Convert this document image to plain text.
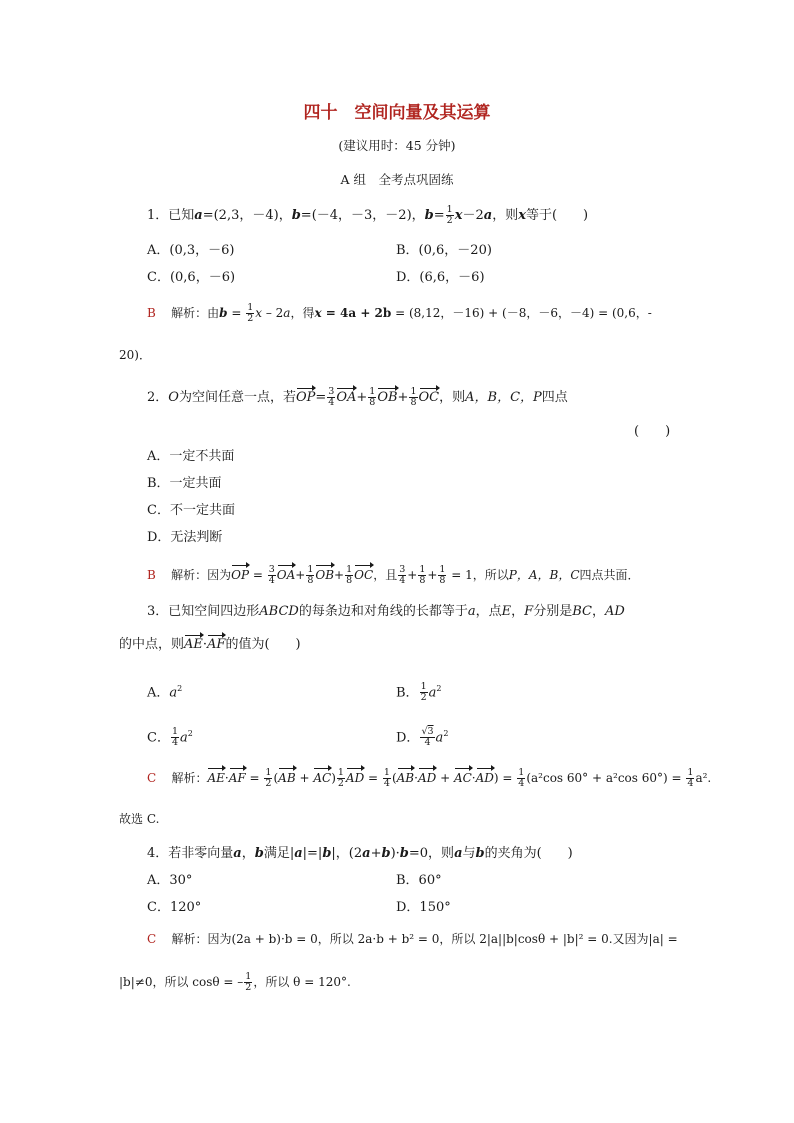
四十　空间向量及其运算
(建议用时：45 分钟)
A 组　全考点巩固练
1．已知a=(2,3，－4)，b=(－4，－3，－2)，$b= \frac{1}{2} x-2a$，则x等于(　　)
A．(0,3，－6)	B．(0,6，－20)
C．(0,6，－6)	D．(6,6，－6)
B 解析：由$b = \frac{1}{2}$ x – 2a，得x = 4a + 2b = (8,12，－16) + (－8，－6，－4) = (0,6，-
20)．
2．O为空间任意一点，若$OP= \frac{3}{4} OA+ \frac{1}{8} OB+ \frac{1}{8}$ OC，则A，B，C，P四点
(　　)
A．一定不共面
B．一定共面
C．不一定共面
D．无法判断
B 解析：因为OP = $\frac{3}{4} OA+ \frac{1}{8} OB+ \frac{1}{8}$ OC，且 $\frac{3}{4} + \frac{1}{8} + \frac{1}{8} = 1$，所以P，A，B，C四点共面．
3．已知空间四边形ABCD的每条边和对角线的长都等于a，点E，F分别是BC，AD
的中点，则AE·AF的值为(　　)
A．$a^2$	B． $\frac{1}{2} a^2$
C． $\frac{1}{4} a^2$	D． $\frac{√3}{4} a^2$
C 解析：$AE\cdot AF = \frac{1}{2} (AB + AC) \frac{1}{2}$ AD = $\frac{1}{4} (AB\cdot AD + AC\cdot AD) = \frac{1}{4} (a^2\cos$ 60° + a²cos $60^\circ) = \frac{1}{4} a^2$.
故选 C.
4．若非零向量a，b满足|a|=|b|，(2a+b)·b=0，则a与b的夹角为(　　)
A．30°	B．60°
C．120°	D．150°
C 解析：因为(2a + b)·b = 0，所以 2a·b + b² = 0，所以 2|a||b|cosθ + |b|² = 0.又因为|a| =
|b|≠0，所以 cosθ = – $\frac{1}{2}$ ，所以 θ = 120°.
